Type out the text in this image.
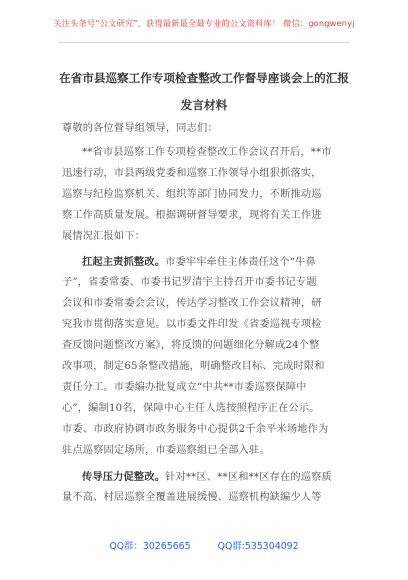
关注头条号“公文研究”，获得最新最全最专业的公文资料库！ 微信：gongwenyj
在省市县巡察工作专项检查整改工作督导座谈会上的汇报
发言材料
尊敬的各位督导组领导，同志们：
**省市县巡察工作专项检查整改工作会议召开后，**市
迅速行动，市县两级党委和巡察工作领导小组狠抓落实，
巡察与纪检监察机关、组织等部门协同发力，不断推动巡
察工作高质量发展。根据调研督导要求，现将有关工作进
展情况汇报如下：
扛起主责抓整改。市委牢牢牵住主体责任这个“牛鼻
子”，省委常委、市委书记罗清宇主持召开市委书记专题
会议和市委常委会会议，传达学习整改工作会议精神，研
究我市贯彻落实意见。以市委文件印发《省委巡视专项检
查反馈问题整改方案》，将反馈的问题细化分解成24个整
改事项，制定65条整改措施，明确整改目标、完成时限和
责任分工。市委编办批复成立“中共**市委巡察保障中
心”，编制10名，保障中心主任人选按照程序正在公示。
市委、市政府协调市政务服务中心提供2千余平米场地作为
驻点巡察固定场所，市委巡察组已全部入驻。
传导压力促整改。针对**区、**区和**区存在的巡察质
量不高、村居巡察全覆盖进展缓慢、巡察机构缺编少人等
QQ群：30265665	QQ群:535304092
